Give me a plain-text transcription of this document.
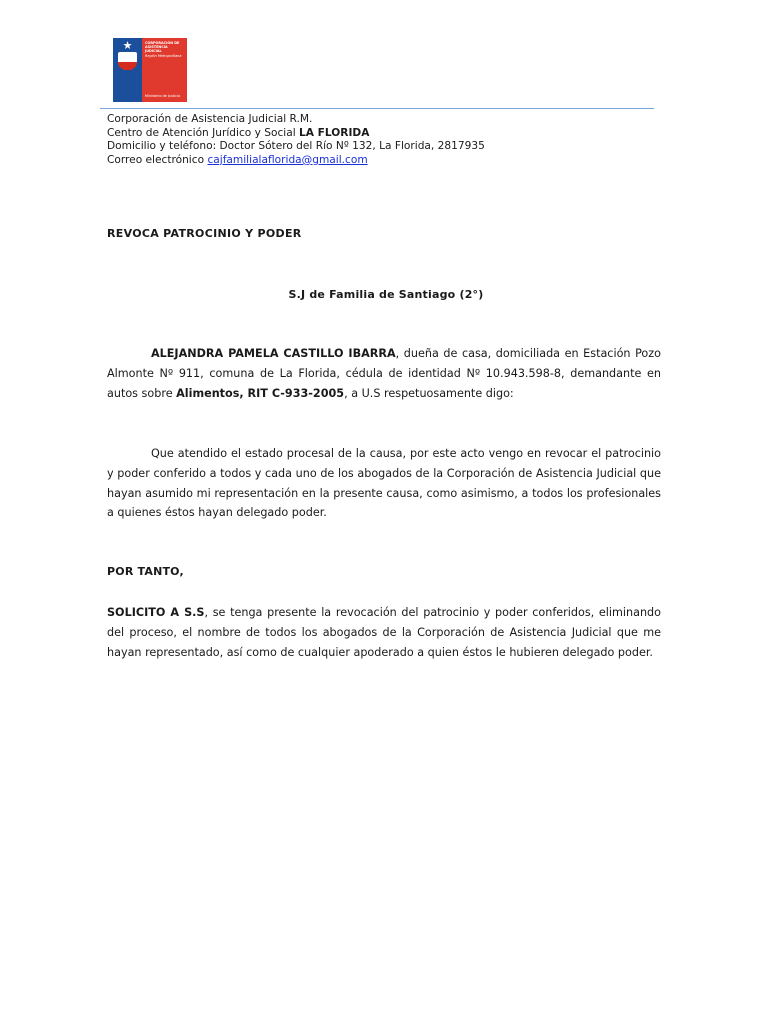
★	CORPORACIÓN DE
ASISTENCIA
JUDICIAL
Región Metropolitana
Ministerio de Justicia
Corporación de Asistencia Judicial R.M.
Centro de Atención Jurídico y Social LA FLORIDA
Domicilio y teléfono: Doctor Sótero del Río Nº 132, La Florida, 2817935
Correo electrónico cajfamilialaflorida@gmail.com
REVOCA PATROCINIO Y PODER
S.J de Familia de Santiago (2°)
ALEJANDRA PAMELA CASTILLO IBARRA, dueña de casa, domiciliada en Estación Pozo Almonte Nº 911, comuna de La Florida, cédula de identidad Nº 10.943.598-8, demandante en autos sobre Alimentos, RIT C-933-2005, a U.S respetuosamente digo:
Que atendido el estado procesal de la causa, por este acto vengo en revocar el patrocinio y poder conferido a todos y cada uno de los abogados de la Corporación de Asistencia Judicial que hayan asumido mi representación en la presente causa, como asimismo, a todos los profesionales a quienes éstos hayan delegado poder.
POR TANTO,
SOLICITO A S.S, se tenga presente la revocación del patrocinio y poder conferidos, eliminando del proceso, el nombre de todos los abogados de la Corporación de Asistencia Judicial que me hayan representado, así como de cualquier apoderado a quien éstos le hubieren delegado poder.
